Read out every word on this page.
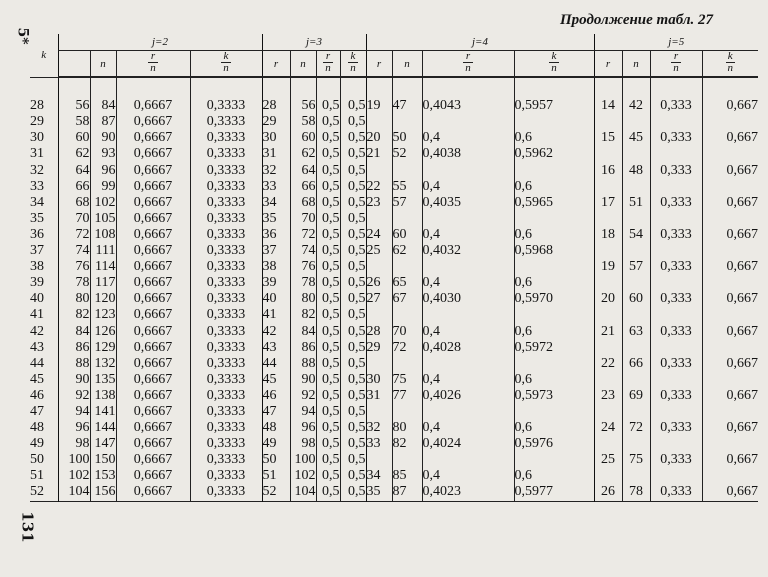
Продолжение табл. 27
5*
131
k	j=2				j=3				j=4				j=5			
		n	$\frac{r}{n}$	$\frac{k}{n}$	r	n	$\frac{r}{n}$	$\frac{k}{n}$	r	n	$\frac{r}{n}$	$\frac{k}{n}$	r	n	$\frac{r}{n}$	$\frac{k}{n}$

28	56	84	0,6667	0,3333	28	56	0,5	0,5	19	47	0,4043	0,5957	14	42	0,333	0,667
29	58	87	0,6667	0,3333	29	58	0,5	0,5								
30	60	90	0,6667	0,3333	30	60	0,5	0,5	20	50	0,4	0,6	15	45	0,333	0,667
31	62	93	0,6667	0,3333	31	62	0,5	0,5	21	52	0,4038	0,5962				
32	64	96	0,6667	0,3333	32	64	0,5	0,5					16	48	0,333	0,667
33	66	99	0,6667	0,3333	33	66	0,5	0,5	22	55	0,4	0,6				
34	68	102	0,6667	0,3333	34	68	0,5	0,5	23	57	0,4035	0,5965	17	51	0,333	0,667
35	70	105	0,6667	0,3333	35	70	0,5	0,5								
36	72	108	0,6667	0,3333	36	72	0,5	0,5	24	60	0,4	0,6	18	54	0,333	0,667
37	74	111	0,6667	0,3333	37	74	0,5	0,5	25	62	0,4032	0,5968				
38	76	114	0,6667	0,3333	38	76	0,5	0,5					19	57	0,333	0,667
39	78	117	0,6667	0,3333	39	78	0,5	0,5	26	65	0,4	0,6				
40	80	120	0,6667	0,3333	40	80	0,5	0,5	27	67	0,4030	0,5970	20	60	0,333	0,667
41	82	123	0,6667	0,3333	41	82	0,5	0,5								
42	84	126	0,6667	0,3333	42	84	0,5	0,5	28	70	0,4	0,6	21	63	0,333	0,667
43	86	129	0,6667	0,3333	43	86	0,5	0,5	29	72	0,4028	0,5972				
44	88	132	0,6667	0,3333	44	88	0,5	0,5					22	66	0,333	0,667
45	90	135	0,6667	0,3333	45	90	0,5	0,5	30	75	0,4	0,6				
46	92	138	0,6667	0,3333	46	92	0,5	0,5	31	77	0,4026	0,5973	23	69	0,333	0,667
47	94	141	0,6667	0,3333	47	94	0,5	0,5								
48	96	144	0,6667	0,3333	48	96	0,5	0,5	32	80	0,4	0,6	24	72	0,333	0,667
49	98	147	0,6667	0,3333	49	98	0,5	0,5	33	82	0,4024	0,5976				
50	100	150	0,6667	0,3333	50	100	0,5	0,5					25	75	0,333	0,667
51	102	153	0,6667	0,3333	51	102	0,5	0,5	34	85	0,4	0,6				
52	104	156	0,6667	0,3333	52	104	0,5	0,5	35	87	0,4023	0,5977	26	78	0,333	0,667
